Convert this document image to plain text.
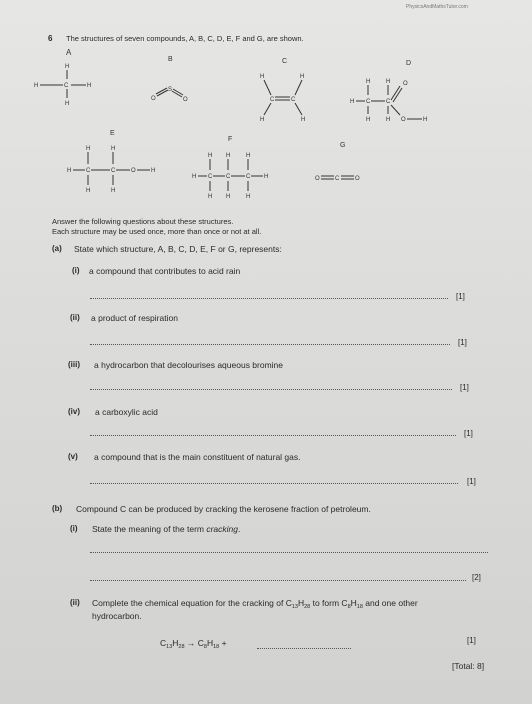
PhysicsAndMathsTutor.com
6 The structures of seven compounds, A, B, C, D, E, F and G, are shown.
A
H
H	C	H
H
B
O
S
O
C
H	H
C	C
H	H
D
H	H
H C	C
O
H	H O	H
E
H	H
H C	C	O	H
H	H
F
H H	H
H C C	C H
H H	H
G
O	C	O
Answer the following questions about these structures.
Each structure may be used once, more than once or not at all.
(a) State which structure, A, B, C, D, E, F or G, represents:
(i) a compound that contributes to acid rain
[1]
(ii) a product of respiration
[1]
(iii) a hydrocarbon that decolourises aqueous bromine
[1]
(iv) a carboxylic acid
[1]
(v) a compound that is the main constituent of natural gas.
[1]
(b) Compound C can be produced by cracking the kerosene fraction of petroleum.
(i) State the meaning of the term cracking.
[2]
(ii) Complete the chemical equation for the cracking of $C_{13}H_{28}$ to form $C_8H_{18}$ and one other
hydrocarbon.
$C_{13}H_{28} \to C_8H_{18}$ +	[1]
[Total: 8]
